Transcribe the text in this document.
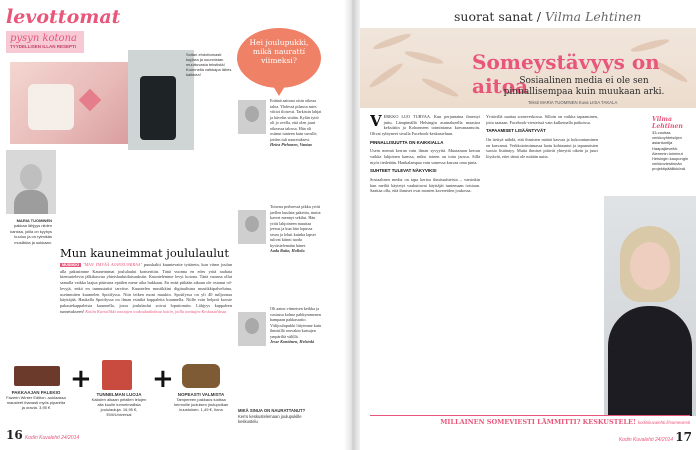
levottomat
pysyn kotona
TYYDELLISEN ILLAN RESEPTI
Soitan ehdottomasti kupista ja suunnistan muuttuvasta tekstistä! Kuunnella vaikkapa lähes kaikkea!
MARIA TUOMINEN
pakkaa lähjyys niiden kanssa, joilla on kyyhys kuuluu ja on rytmikäs musiikkia ja sukkaan.
Mun kauneimmat joululaulut
MUSIIKKI "MAN YMVÄÄ AJANNUNKRAA" puuskaltti kuuntevatte tyttärein, kun viime joulun alla pakasimme Kauneimmat joululaulut konserttiin. Tänä vuonna en edes yritä raahata kiemurtelevia jälkikasvua yhteislaulutilaisuuksiin. Kuuntelemme levyt kotona. Tänä vuonna ollut samalla vaikka laajua päävarta epäilen mene aika hukkaan. En enää pitkään aikaan ole ostanut cd-levyjä, enkä en tunnustatisi tarvitse. Kuuntelen musiikkini digitaalisina musiikkipalveluina, useimmiten kuuntelen Spotifyssa. Niin teiken moni muukin. Spotifyssa on yli 40 miljoonaa käyttäjää. Haukalla Spotifyssa on ilman esinikä kappaleita kuunnella. Niille voin helpoti kooste pakastekappaleista kuunnella, jossa joululaulut soivat loputtomiin. Lähjyys kappaleen tunnetukseen! Kotiin Kaviollikki tonttujen toukoukaikohtuu kotiin, joilla tonttujen KeskustaVasta
PAKKAAJAN PALEKIO
Fazerin Winter Edition -suklaassa mausteet ihanasti myös pipareita ja oravia. 3,95 €
+
TUNNELMAN LUOJA
Kakkien aikaan pelailen lelujen alla kuulle tunnelmallisia joululauluja. 16,95 €, EMI/Universal
+
NOPEASTI VALMISTA
Tampereen pakkaus tuottaa hermoille jouluisen joulupolkan kuustoisen. 1,49 €, Ilona
16 Kodin Kuvalehti 24/2014
Hei joulupukki, mikä naurattí viimeksi?
Eräänä aattona otsin oikeaa taloa. Yhdessä pihassa mies viittoi iloisesti. Tarkistin lahjat ja kävelin sisään. Kylän tyttö oli jo ovella, että olen juuri oikeassa talossa. Hän oli ostinut tunteen kuin suvulle, joiden tuli nauretuksesi.
Heinz Pirhonen, Vantaa
Toisena perheessä pikku yritti jaellen kuulata pakettia, mutta kaveri mennyt sekilui. Hän yritti lahjoineen muuttaa jeesus ja kun hän lopussa seura ja leluit kuinka lapset tulivat kiinni tuoda hyvästelemään hänet.
Aada Raita, Hollola
Oli aaton viimeisen keikka ja vastassa kolme pahkymmenen hampaan pakkasraito. Välijoulupukki liityimme kuin ihmisillä rouvakin kutsujen ympäriltä välillä.
Jesse Konttinen, Helsinki
MIKÄ SINUA ON NAURATTANUT?
Kerro keskustelemaan joulupukille keskustelu
suorat sanat / Vilma Lehtinen
Someystävyys on aitoa
Sosiaalinen media ei ole sen pinnallisempaa kuin muukaan arki.
Teksti MARIA TUOMINEN Kuva LIISA TAKALA
Vilma Lehtinen
33-vuotias verkkoyhteisöjen asiantuntija Haapajärveltä. Aiemmin toiminut Helsingin kaupungin verkkoviestinnän projektipäällikkönä.

VERKKO LUO TURVAA. Kun perjantaina ilmestyi juttu. Lämpimällä Helsingin asuinalueella maastoa keksittiin ja Kohonneen toimintansa karvanaamoin. Olivat ryhtyneet sivulla Facebook-keskusteluun.

PINNALLISUUTTA ON KAIKKIALLA

Usein mennä kerran vain ilman syvyyttä. Muutaman kerran vaikka lahjoinen kanssa, miksi toinen on totta jaossa. Sillä myös tiedetään. Hankalampaa vain somessa kasvaa oma pinta.

SUHTEET TULEVAT NÄKYVIKSI

Sosiaalinen media on tapa kertoa ihmissuhteista – varsinkin kun meiltä käytetyt vaakuttavat käyttäjät tuntemaan toisiaan. Saattaa olla, että ihmiset ovat monien kavereiden joukossa.

Yritävillä saattaa someverkossa. Silloin on vaikka tapaaminen, jotta saataan. Facebook-viesteissä vain kulkemalla paikoissa.

TAPAAMISET LISÄÄNTYVÄT

On tiettyä nähdä, että ihmisten määrä kasvaa ja kokoontuminen on kasvanut. Verkkotoiminnassa laatu kohtaantui ja tapaamisten suosio lisääntyy. Mutta ihmiset pitävät yhteyttä oikein ja juuri löytävät, ettei tämä ole mitään uutta.

MILLAINEN SOMEVIESTI LÄMMITTI? KESKUSTELE! kodinkuvalehti.fi/someviesti
Kodin Kuvalehti 24/2014 17
